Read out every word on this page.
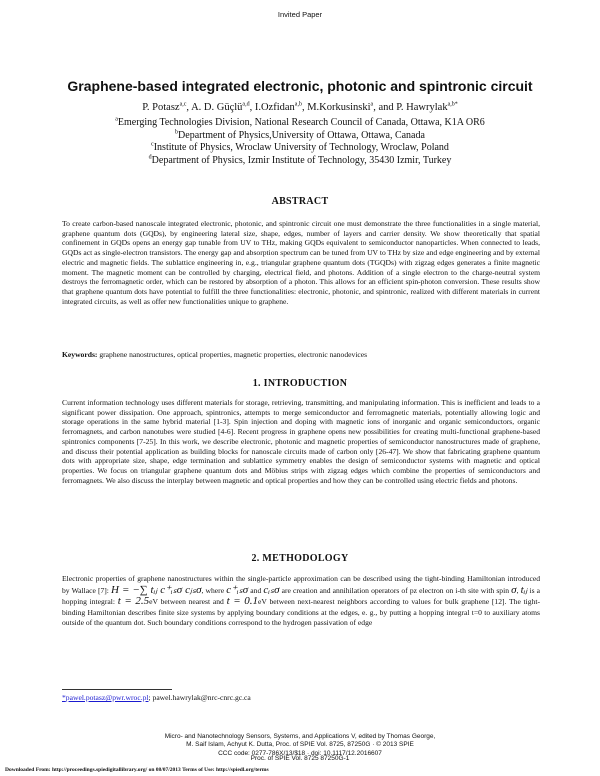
Invited Paper
Graphene-based integrated electronic, photonic and spintronic circuit
P. Potasz$^{a,c}$, A. D. Güçlü$^{a,d}$, I.Ozfidan$^{a,b}$, M.Korkusinski$^a$, and P. Hawrylak$^{a,b*}$
$^a$Emerging Technologies Division, National Research Council of Canada, Ottawa, K1A OR6
$^b$Department of Physics,University of Ottawa, Ottawa, Canada
$^c$Institute of Physics, Wroclaw University of Technology, Wroclaw, Poland
$^d$Department of Physics, Izmir Institute of Technology, 35430 Izmir, Turkey
ABSTRACT
To create carbon-based nanoscale integrated electronic, photonic, and spintronic circuit one must demonstrate the three functionalities in a single material, graphene quantum dots (GQDs), by engineering lateral size, shape, edges, number of layers and carrier density. We show theoretically that spatial confinement in GQDs opens an energy gap tunable from UV to THz, making GQDs equivalent to semiconductor nanoparticles. When connected to leads, GQDs act as single-electron transistors. The energy gap and absorption spectrum can be tuned from UV to THz by size and edge engineering and by external electric and magnetic fields. The sublattice engineering in, e.g., triangular graphene quantum dots (TGQDs) with zigzag edges generates a finite magnetic moment. The magnetic moment can be controlled by charging, electrical field, and photons. Addition of a single electron to the charge-neutral system destroys the ferromagnetic order, which can be restored by absorption of a photon. This allows for an efficient spin-photon conversion. These results show that graphene quantum dots have potential to fulfill the three functionalities: electronic, photonic, and spintronic, realized with different materials in current integrated circuits, as well as offer new functionalities unique to graphene.
Keywords: graphene nanostructures, optical properties, magnetic properties, electronic nanodevices
1. INTRODUCTION
Current information technology uses different materials for storage, retrieving, transmitting, and manipulating information. This is inefficient and leads to a significant power dissipation. One approach, spintronics, attempts to merge semiconductor and ferromagnetic materials, potentially allowing logic and storage operations in the same hybrid material [1-3]. Spin injection and doping with magnetic ions of inorganic and organic semiconductors, organic ferromagnets, and carbon nanotubes were studied [4-6]. Recent progress in graphene opens new possibilities for creating multi-functional graphene-based spintronics components [7-25]. In this work, we describe electronic, photonic and magnetic properties of semiconductor nanostructures made of graphene, and discuss their potential application as building blocks for nanoscale circuits made of carbon only [26-47]. We show that fabricating graphene quantum dots with appropriate size, shape, edge termination and sublattice symmetry enables the design of semiconductor systems with magnetic and optical properties. We focus on triangular graphene quantum dots and Möbius strips with zigzag edges which combine the properties of semiconductors and ferromagnets. We also discuss the interplay between magnetic and optical properties and how they can be controlled using electric fields and photons.
2. METHODOLOGY
Electronic properties of graphene nanostructures within the single-particle approximation can be described using the tight-binding Hamiltonian introduced by Wallace [7]: H = −∑ tᵢⱼ c⁺ᵢₛσ cⱼₛσ, where c⁺ᵢₛσ and cᵢₛσ are creation and annihilation operators of pz electron on i-th site with spin σ, tᵢⱼ is a hopping integral: t = 2.5eV between nearest and t = 0.1eV between next-nearest neighbors according to values for bulk graphene [12]. The tight-binding Hamiltonian describes finite size systems by applying boundary conditions at the edges, e. g., by putting a hopping integral t=0 to auxiliary atoms outside of the quantum dot. Such boundary conditions correspond to the hydrogen passivation of edge
*pawel.potasz@pwr.wroc.pl; pawel.hawrylak@nrc-cnrc.gc.ca
Micro- and Nanotechnology Sensors, Systems, and Applications V, edited by Thomas George,
M. Saif Islam, Achyut K. Dutta, Proc. of SPIE Vol. 8725, 87250G · © 2013 SPIE
CCC code: 0277-786X/13/$18 · doi: 10.1117/12.2016607
Downloaded From: http://proceedings.spiedigitallibrary.org/ on 08/07/2013 Terms of Use: http://spiedl.org/terms
Proc. of SPIE Vol. 8725 87250G-1
